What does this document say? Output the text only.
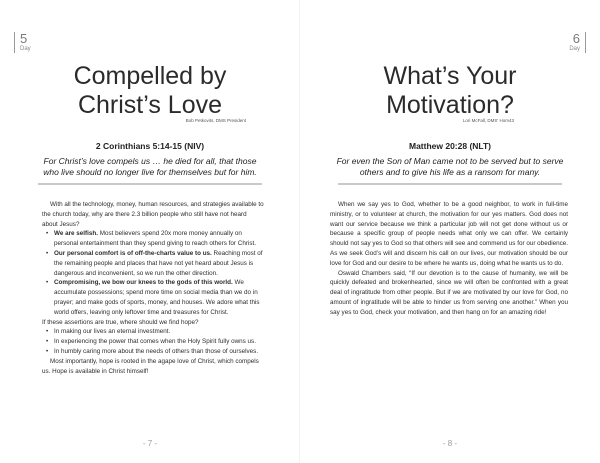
5
Day
Compelled by
Christ’s Love
Bob Petkovits, DMS President
2 Corinthians 5:14-15 (NIV)
For Christ’s love compels us … he died for all, that those who live should no longer live for themselves but for him.

With all the technology, money, human resources, and strategies available to the church today, why are there 2.3 billion people who still have not heard about Jesus?

• We are selfish. Most believers spend 20x more money annually on personal entertainment than they spend giving to reach others for Christ.
• Our personal comfort is of off-the-charts value to us. Reaching most of the remaining people and places that have not yet heard about Jesus is dangerous and inconvenient, so we run the other direction.
• Compromising, we bow our knees to the gods of this world. We accumulate possessions; spend more time on social media than we do in prayer; and make gods of sports, money, and houses. We adore what this world offers, leaving only leftover time and treasures for Christ.

If these assertions are true, where should we find hope?

• In making our lives an eternal investment.
• In experiencing the power that comes when the Holy Spirit fully owns us.
• In humbly caring more about the needs of others than those of ourselves.

Most importantly, hope is rooted in the agape love of Christ, which compels us. Hope is available in Christ himself!

- 7 -
6
Day
What’s Your
Motivation?
Lori McFall, DMS' Hom43
Matthew 20:28 (NLT)
For even the Son of Man came not to be served but to serve others and to give his life as a ransom for many.

When we say yes to God, whether to be a good neighbor, to work in full-time ministry, or to volunteer at church, the motivation for our yes matters. God does not want our service because we think a particular job will not get done without us or because a specific group of people needs what only we can offer. We certainly should not say yes to God so that others will see and commend us for our obedience. As we seek God’s will and discern his call on our lives, our motivation should be our love for God and our desire to be where he wants us, doing what he wants us to do.

Oswald Chambers said, “If our devotion is to the cause of humanity, we will be quickly defeated and brokenhearted, since we will often be confronted with a great deal of ingratitude from other people. But if we are motivated by our love for God, no amount of ingratitude will be able to hinder us from serving one another.” When you say yes to God, check your motivation, and then hang on for an amazing ride!

- 8 -
